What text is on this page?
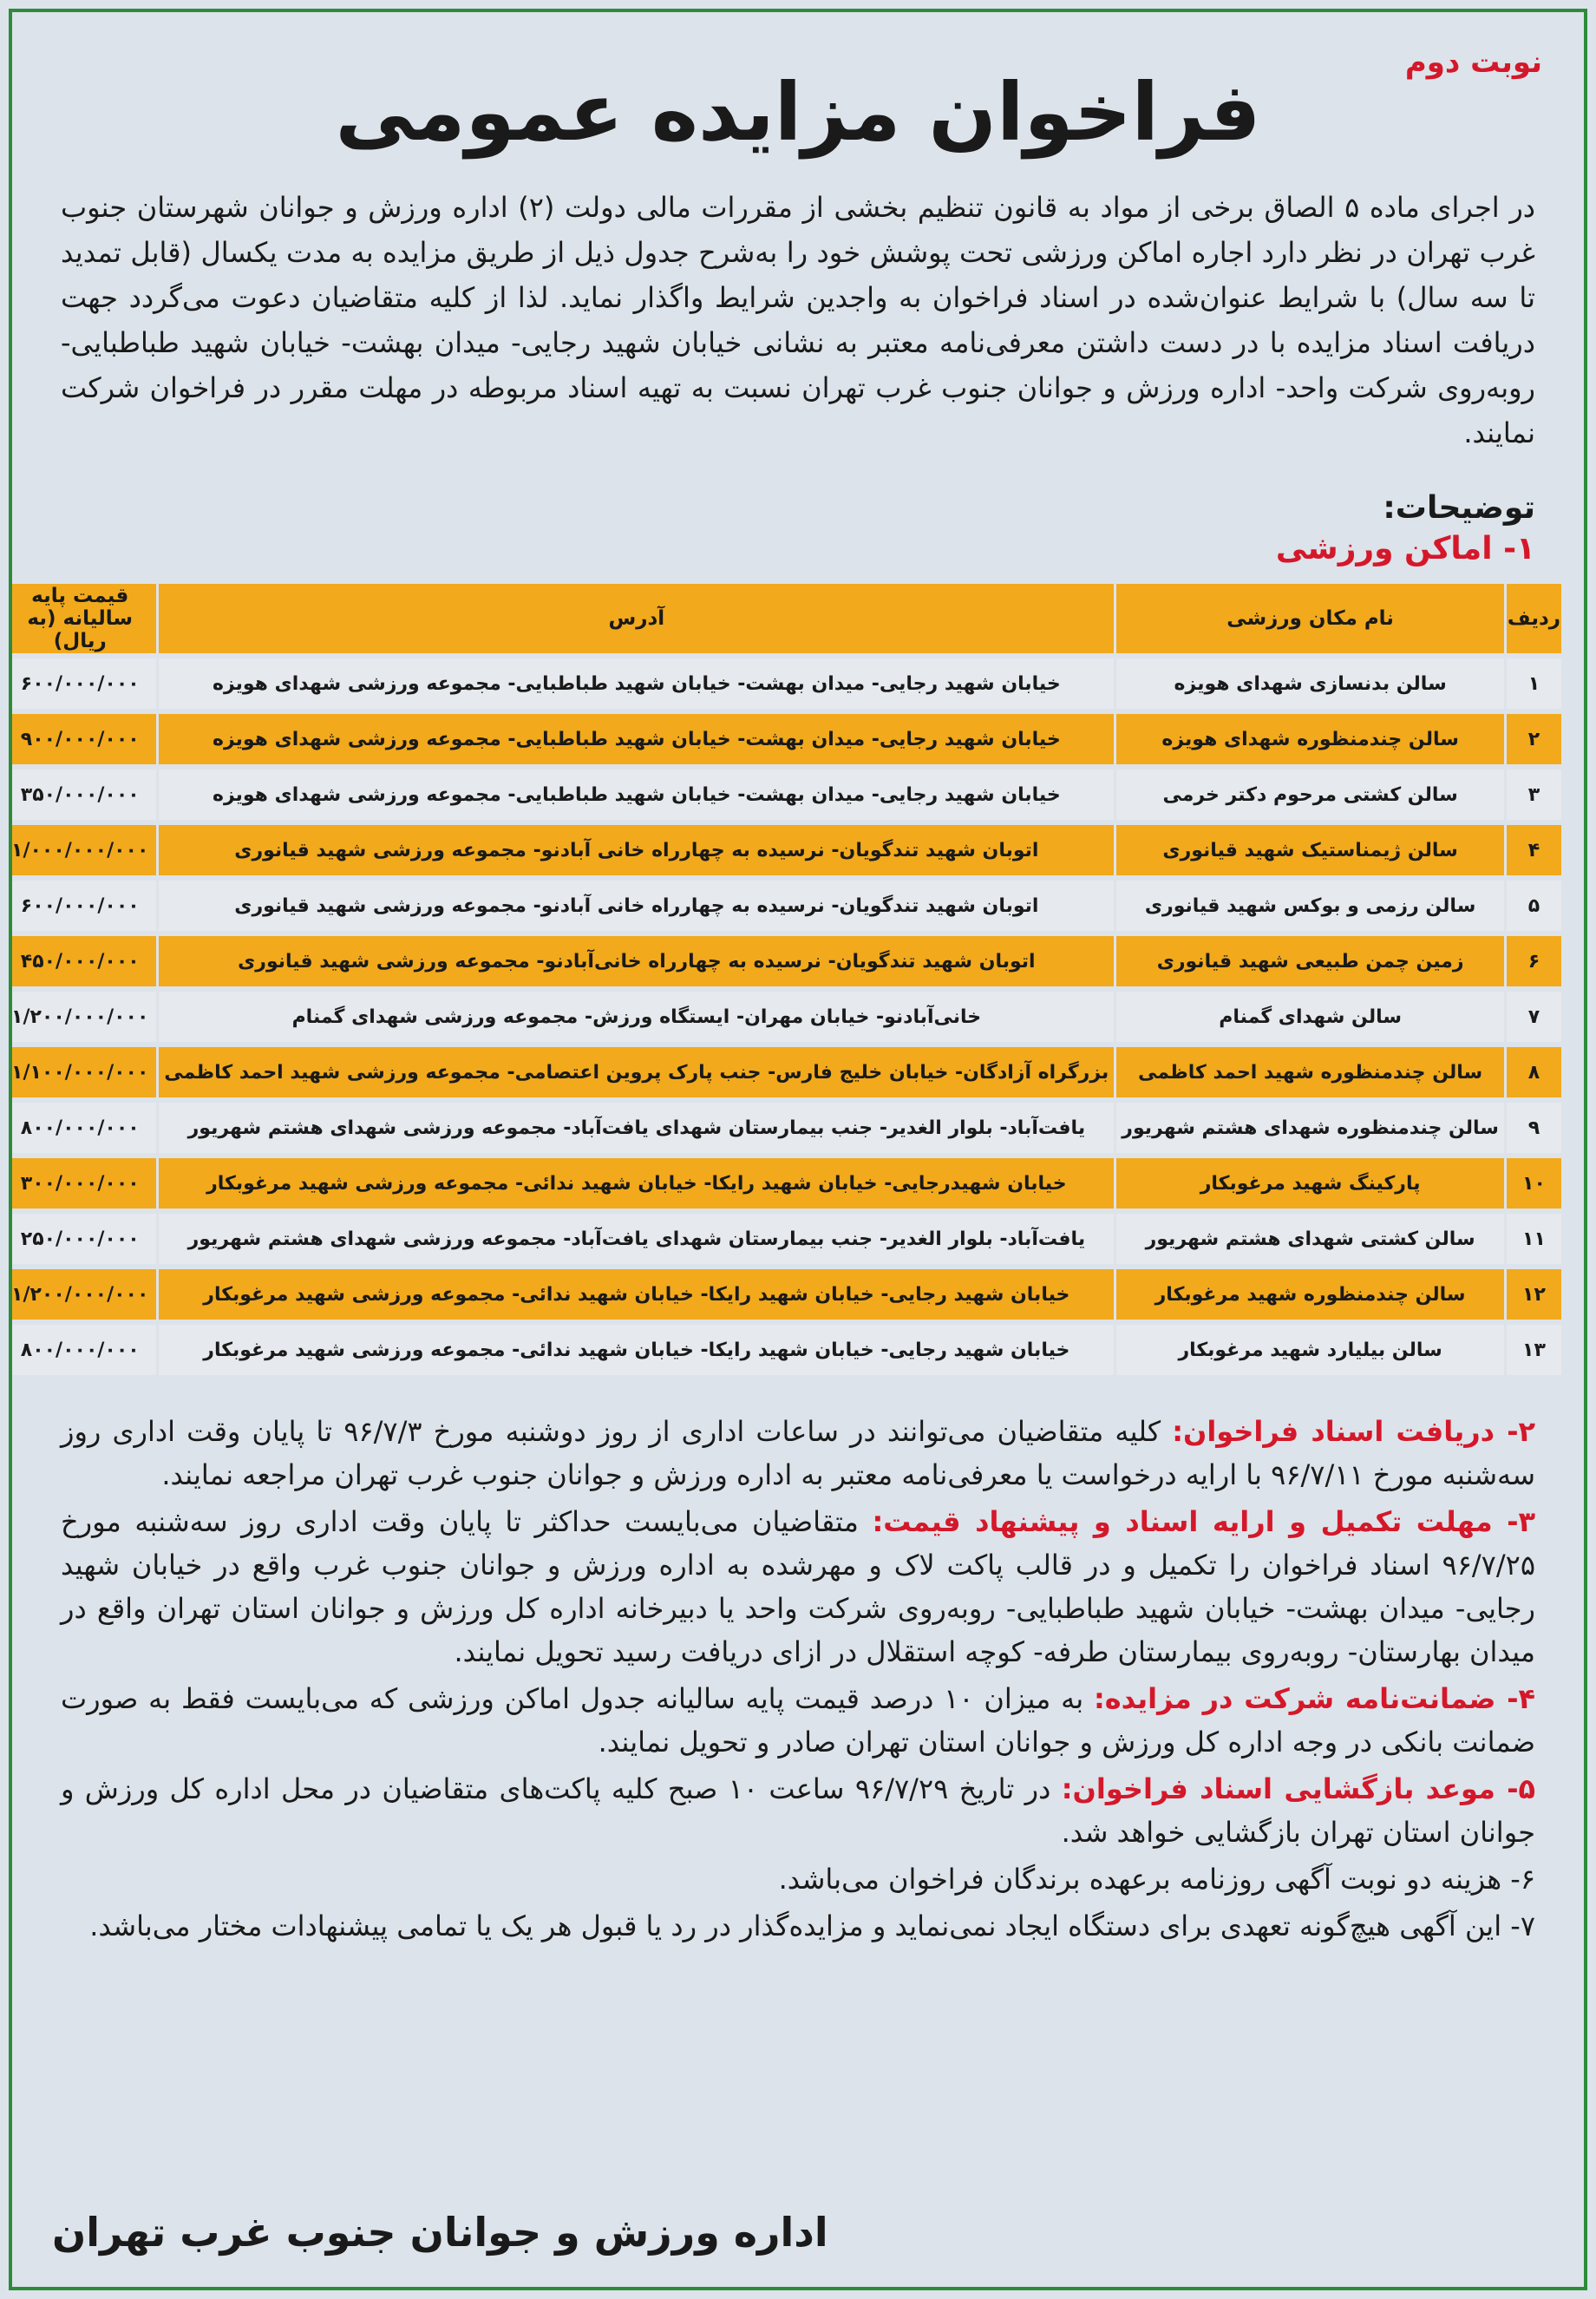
نوبت دوم
فراخوان مزایده عمومی
در اجرای ماده ۵ الصاق برخی از مواد به قانون تنظیم بخشی از مقررات مالی دولت (۲) اداره ورزش و جوانان شهرستان جنوب غرب تهران در نظر دارد اجاره اماکن ورزشی تحت پوشش خود را به‌شرح جدول ذیل از طریق مزایده به مدت یکسال (قابل تمدید تا سه سال) با شرایط عنوان‌شده در اسناد فراخوان به واجدین شرایط واگذار نماید. لذا از کلیه متقاضیان دعوت می‌گردد جهت دریافت اسناد مزایده با در دست داشتن معرفی‌نامه معتبر به نشانی خیابان شهید رجایی- میدان بهشت- خیابان شهید طباطبایی- روبه‌روی شرکت واحد- اداره ورزش و جوانان جنوب غرب تهران نسبت به تهیه اسناد مربوطه در مهلت مقرر در فراخوان شرکت نمایند.
توضیحات:
۱- اماکن ورزشی
ردیف	نام مکان ورزشی	آدرس	قیمت پایه سالیانه (به ریال)
۱	سالن بدنسازی شهدای هویزه	خیابان شهید رجایی- میدان بهشت- خیابان شهید طباطبایی- مجموعه ورزشی شهدای هویزه	۶۰۰/۰۰۰/۰۰۰
۲	سالن چندمنظوره شهدای هویزه	خیابان شهید رجایی- میدان بهشت- خیابان شهید طباطبایی- مجموعه ورزشی شهدای هویزه	۹۰۰/۰۰۰/۰۰۰
۳	سالن کشتی مرحوم دکتر خرمی	خیابان شهید رجایی- میدان بهشت- خیابان شهید طباطبایی- مجموعه ورزشی شهدای هویزه	۳۵۰/۰۰۰/۰۰۰
۴	سالن ژیمناستیک شهید قیانوری	اتوبان شهید تندگویان- نرسیده به چهارراه خانی آبادنو- مجموعه ورزشی شهید قیانوری	۱/۰۰۰/۰۰۰/۰۰۰
۵	سالن رزمی و بوکس شهید قیانوری	اتوبان شهید تندگویان- نرسیده به چهارراه خانی آبادنو- مجموعه ورزشی شهید قیانوری	۶۰۰/۰۰۰/۰۰۰
۶	زمین چمن طبیعی شهید قیانوری	اتوبان شهید تندگویان- نرسیده به چهارراه خانی‌آبادنو- مجموعه ورزشی شهید قیانوری	۴۵۰/۰۰۰/۰۰۰
۷	سالن شهدای گمنام	خانی‌آبادنو- خیابان مهران- ایستگاه ورزش- مجموعه ورزشی شهدای گمنام	۱/۲۰۰/۰۰۰/۰۰۰
۸	سالن چندمنظوره شهید احمد کاظمی	بزرگراه آزادگان- خیابان خلیج فارس- جنب پارک پروین اعتصامی- مجموعه ورزشی شهید احمد کاظمی	۱/۱۰۰/۰۰۰/۰۰۰
۹	سالن چندمنظوره شهدای هشتم شهریور	یافت‌آباد- بلوار الغدیر- جنب بیمارستان شهدای یافت‌آباد- مجموعه ورزشی شهدای هشتم شهریور	۸۰۰/۰۰۰/۰۰۰
۱۰	پارکینگ شهید مرغوبکار	خیابان شهیدرجایی- خیابان شهید رایکا- خیابان شهید ندائی- مجموعه ورزشی شهید مرغوبکار	۳۰۰/۰۰۰/۰۰۰
۱۱	سالن کشتی شهدای هشتم شهریور	یافت‌آباد- بلوار الغدیر- جنب بیمارستان شهدای یافت‌آباد- مجموعه ورزشی شهدای هشتم شهریور	۲۵۰/۰۰۰/۰۰۰
۱۲	سالن چندمنظوره شهید مرغوبکار	خیابان شهید رجایی- خیابان شهید رایکا- خیابان شهید ندائی- مجموعه ورزشی شهید مرغوبکار	۱/۲۰۰/۰۰۰/۰۰۰
۱۳	سالن بیلیارد شهید مرغوبکار	خیابان شهید رجایی- خیابان شهید رایکا- خیابان شهید ندائی- مجموعه ورزشی شهید مرغوبکار	۸۰۰/۰۰۰/۰۰۰

۲- دریافت اسناد فراخوان: کلیه متقاضیان می‌توانند در ساعات اداری از روز دوشنبه مورخ ۹۶/۷/۳ تا پایان وقت اداری روز سه‌شنبه مورخ ۹۶/۷/۱۱ با ارایه درخواست یا معرفی‌نامه معتبر به اداره ورزش و جوانان جنوب غرب تهران مراجعه نمایند.

۳- مهلت تکمیل و ارایه اسناد و پیشنهاد قیمت: متقاضیان می‌بایست حداکثر تا پایان وقت اداری روز سه‌شنبه مورخ ۹۶/۷/۲۵ اسناد فراخوان را تکمیل و در قالب پاکت لاک و مهرشده به اداره ورزش و جوانان جنوب غرب واقع در خیابان شهید رجایی- میدان بهشت- خیابان شهید طباطبایی- روبه‌روی شرکت واحد یا دبیرخانه اداره کل ورزش و جوانان استان تهران واقع در میدان بهارستان- روبه‌روی بیمارستان طرفه- کوچه استقلال در ازای دریافت رسید تحویل نمایند.

۴- ضمانت‌نامه شرکت در مزایده: به میزان ۱۰ درصد قیمت پایه سالیانه جدول اماکن ورزشی که می‌بایست فقط به صورت ضمانت بانکی در وجه اداره کل ورزش و جوانان استان تهران صادر و تحویل نمایند.

۵- موعد بازگشایی اسناد فراخوان: در تاریخ ۹۶/۷/۲۹ ساعت ۱۰ صبح کلیه پاکت‌های متقاضیان در محل اداره کل ورزش و جوانان استان تهران بازگشایی خواهد شد.

۶- هزینه دو نوبت آگهی روزنامه برعهده برندگان فراخوان می‌باشد.

۷- این آگهی هیچ‌گونه تعهدی برای دستگاه ایجاد نمی‌نماید و مزایده‌گذار در رد یا قبول هر یک یا تمامی پیشنهادات مختار می‌باشد.

اداره ورزش و جوانان جنوب غرب تهران
